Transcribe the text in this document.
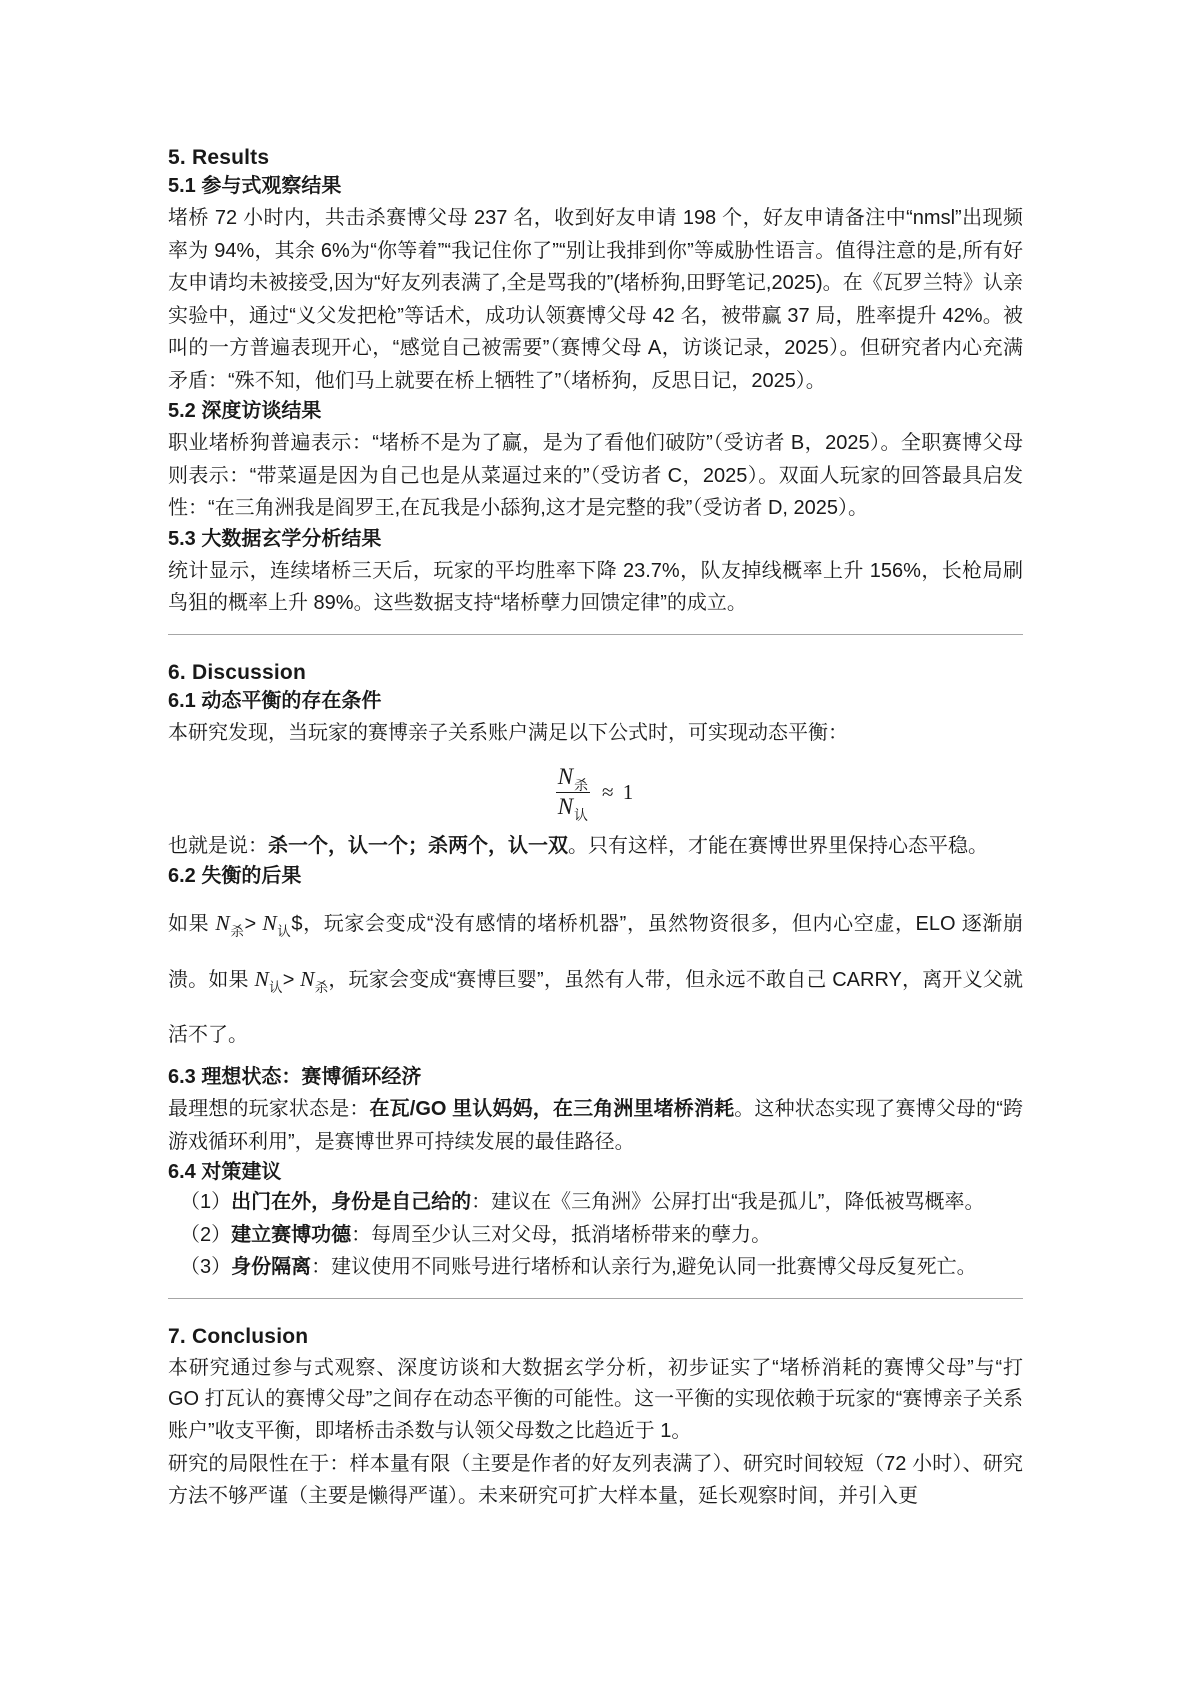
5. Results
5.1 参与式观察结果

堵桥 72 小时内，共击杀赛博父母 237 名，收到好友申请 198 个，好友申请备注中“nmsl”出现频率为 94%，其余 6%为“你等着”“我记住你了”“别让我排到你”等威胁性语言。值得注意的是,所有好友申请均未被接受,因为“好友列表满了,全是骂我的”(堵桥狗,田野笔记,2025)。在《瓦罗兰特》认亲实验中，通过“义父发把枪”等话术，成功认领赛博父母 42 名，被带赢 37 局，胜率提升 42%。被叫的一方普遍表现开心，“感觉自己被需要”（赛博父母 A，访谈记录，2025）。但研究者内心充满矛盾：“殊不知，他们马上就要在桥上牺牲了”（堵桥狗，反思日记，2025）。

5.2 深度访谈结果

职业堵桥狗普遍表示：“堵桥不是为了赢，是为了看他们破防”（受访者 B，2025）。全职赛博父母则表示：“带菜逼是因为自己也是从菜逼过来的”（受访者 C，2025）。双面人玩家的回答最具启发性：“在三角洲我是阎罗王,在瓦我是小舔狗,这才是完整的我”（受访者 D, 2025）。

5.3 大数据玄学分析结果

统计显示，连续堵桥三天后，玩家的平均胜率下降 23.7%，队友掉线概率上升 156%，长枪局刷鸟狙的概率上升 89%。这些数据支持“堵桥孽力回馈定律”的成立。

6. Discussion
6.1 动态平衡的存在条件

本研究发现，当玩家的赛博亲子关系账户满足以下公式时，可实现动态平衡：

$\frac{N_杀}{N_认} \approx 1$

也就是说：杀一个，认一个；杀两个，认一双。只有这样，才能在赛博世界里保持心态平稳。

6.2 失衡的后果

如果 $N_杀>$ $N_认\$$，玩家会变成“没有感情的堵桥机器”，虽然物资很多，但内心空虚，ELO 逐渐崩溃。如果 $N_认> N_杀$，玩家会变成“赛博巨婴”，虽然有人带，但永远不敢自己 CARRY，离开义父就活不了。

6.3 理想状态：赛博循环经济

最理想的玩家状态是：在瓦/GO 里认妈妈，在三角洲里堵桥消耗。这种状态实现了赛博父母的“跨游戏循环利用”，是赛博世界可持续发展的最佳路径。

6.4 对策建议

（1）出门在外，身份是自己给的：建议在《三角洲》公屏打出“我是孤儿”，降低被骂概率。

（2）建立赛博功德：每周至少认三对父母，抵消堵桥带来的孽力。

（3）身份隔离：建议使用不同账号进行堵桥和认亲行为,避免认同一批赛博父母反复死亡。

7. Conclusion

本研究通过参与式观察、深度访谈和大数据玄学分析，初步证实了“堵桥消耗的赛博父母”与“打 GO 打瓦认的赛博父母”之间存在动态平衡的可能性。这一平衡的实现依赖于玩家的“赛博亲子关系账户”收支平衡，即堵桥击杀数与认领父母数之比趋近于 1。

研究的局限性在于：样本量有限（主要是作者的好友列表满了）、研究时间较短（72 小时）、研究方法不够严谨（主要是懒得严谨）。未来研究可扩大样本量，延长观察时间，并引入更
